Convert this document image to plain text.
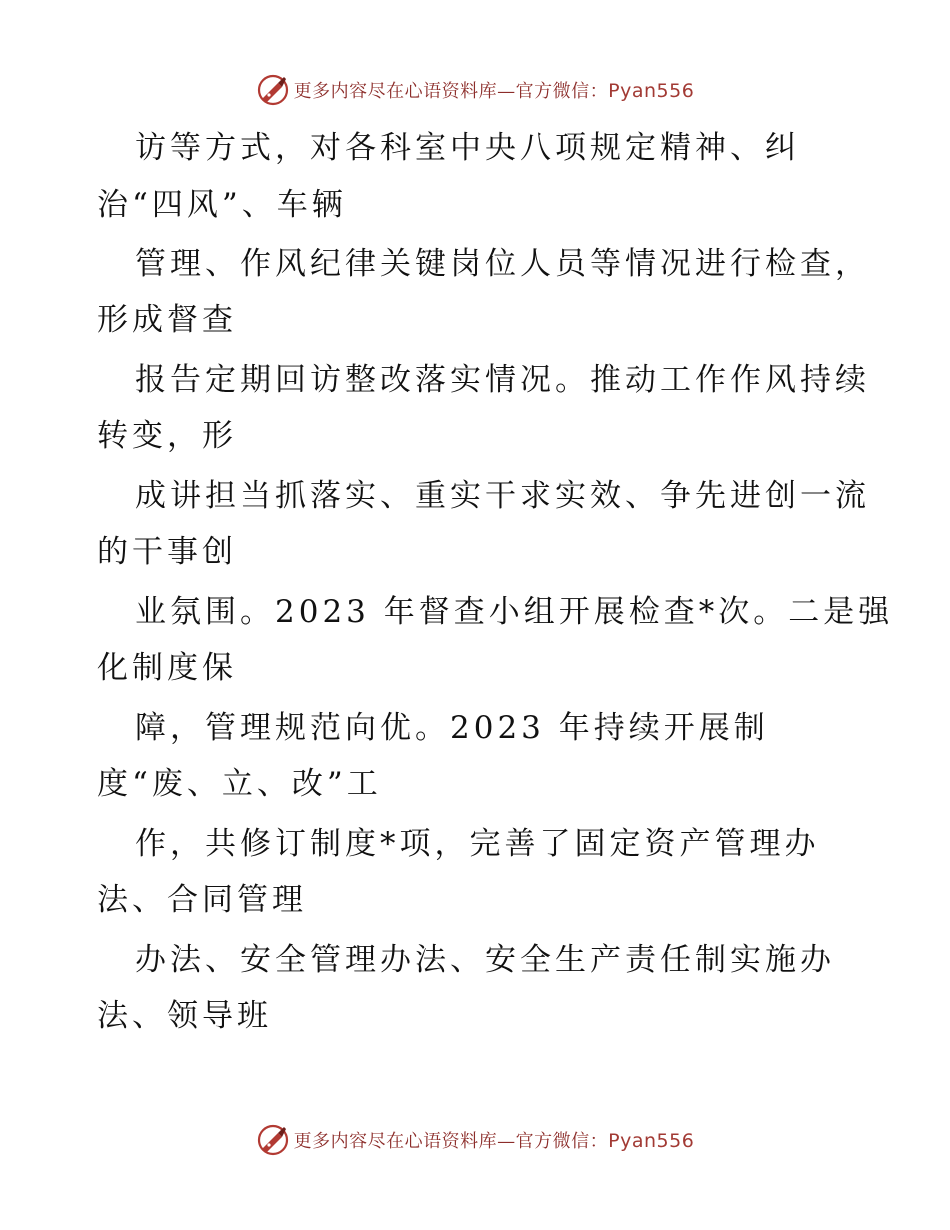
更多内容尽在心语资料库—官方微信：Pyan556
访等方式，对各科室中央八项规定精神、纠
治“四风”、车辆
管理、作风纪律关键岗位人员等情况进行检查，
形成督查
报告定期回访整改落实情况。推动工作作风持续
转变，形
成讲担当抓落实、重实干求实效、争先进创一流
的干事创
业氛围。2023 年督查小组开展检查*次。二是强
化制度保
障，管理规范向优。2023 年持续开展制
度“废、立、改”工
作，共修订制度*项，完善了固定资产管理办
法、合同管理
办法、安全管理办法、安全生产责任制实施办
法、领导班
更多内容尽在心语资料库—官方微信：Pyan556
